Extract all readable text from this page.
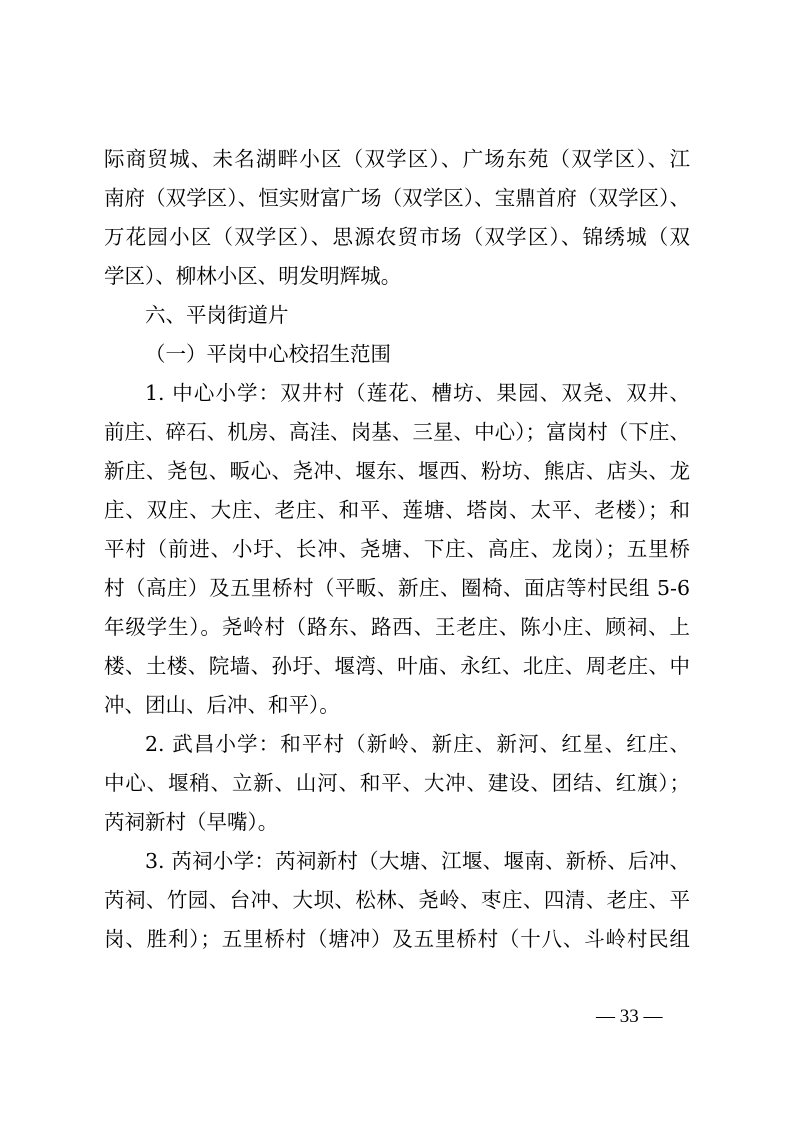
际商贸城、未名湖畔小区（双学区）、广场东苑（双学区）、江
南府（双学区）、恒实财富广场（双学区）、宝鼎首府（双学区）、
万花园小区（双学区）、思源农贸市场（双学区）、锦绣城（双
学区）、柳林小区、明发明辉城。
六、平岗街道片
（一）平岗中心校招生范围
1. 中心小学：双井村（莲花、槽坊、果园、双尧、双井、
前庄、碎石、机房、高洼、岗基、三星、中心）；富岗村（下庄、
新庄、尧包、畈心、尧冲、堰东、堰西、粉坊、熊店、店头、龙
庄、双庄、大庄、老庄、和平、莲塘、塔岗、太平、老楼）；和
平村（前进、小圩、长冲、尧塘、下庄、高庄、龙岗）；五里桥
村（高庄）及五里桥村（平畈、新庄、圈椅、面店等村民组 5-6
年级学生）。尧岭村（路东、路西、王老庄、陈小庄、顾祠、上
楼、土楼、院墙、孙圩、堰湾、叶庙、永红、北庄、周老庄、中
冲、团山、后冲、和平）。
2. 武昌小学：和平村（新岭、新庄、新河、红星、红庄、
中心、堰稍、立新、山河、和平、大冲、建设、团结、红旗）；
芮祠新村（早嘴）。
3. 芮祠小学：芮祠新村（大塘、江堰、堰南、新桥、后冲、
芮祠、竹园、台冲、大坝、松林、尧岭、枣庄、四清、老庄、平
岗、胜利）；五里桥村（塘冲）及五里桥村（十八、斗岭村民组
— 33 —
